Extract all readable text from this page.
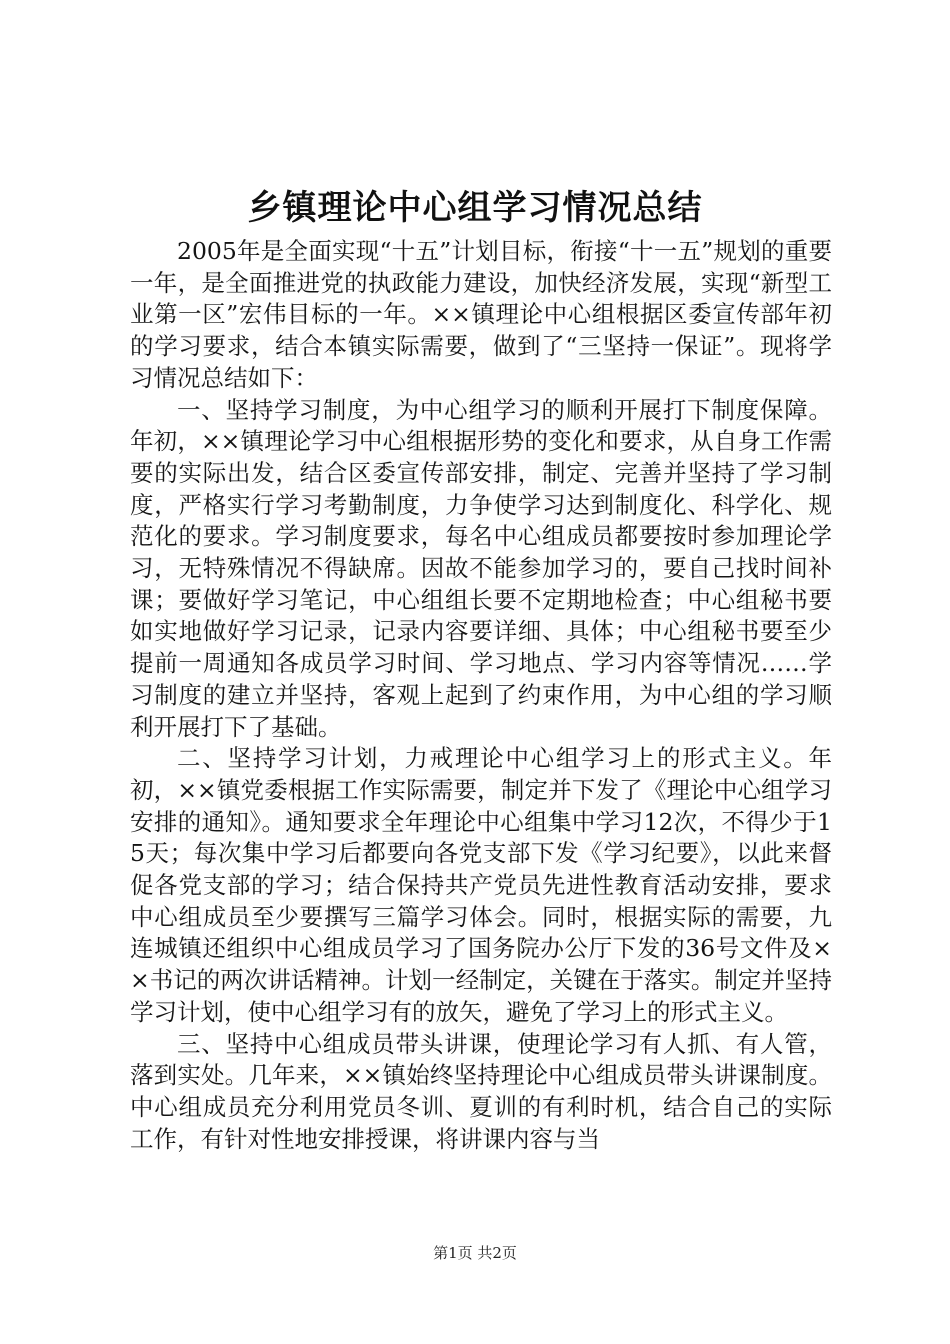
乡镇理论中心组学习情况总结

2005年是全面实现“十五”计划目标，衔接“十一五”规划的重要一年，是全面推进党的执政能力建设，加快经济发展，实现“新型工业第一区”宏伟目标的一年。××镇理论中心组根据区委宣传部年初的学习要求，结合本镇实际需要，做到了“三坚持一保证”。现将学习情况总结如下：

一、坚持学习制度，为中心组学习的顺利开展打下制度保障。年初，××镇理论学习中心组根据形势的变化和要求，从自身工作需要的实际出发，结合区委宣传部安排，制定、完善并坚持了学习制度，严格实行学习考勤制度，力争使学习达到制度化、科学化、规范化的要求。学习制度要求，每名中心组成员都要按时参加理论学习，无特殊情况不得缺席。因故不能参加学习的，要自己找时间补课；要做好学习笔记，中心组组长要不定期地检查；中心组秘书要如实地做好学习记录，记录内容要详细、具体；中心组秘书要至少提前一周通知各成员学习时间、学习地点、学习内容等情况……学习制度的建立并坚持，客观上起到了约束作用，为中心组的学习顺利开展打下了基础。

二、坚持学习计划，力戒理论中心组学习上的形式主义。年初，××镇党委根据工作实际需要，制定并下发了《理论中心组学习安排的通知》。通知要求全年理论中心组集中学习12次，不得少于15天；每次集中学习后都要向各党支部下发《学习纪要》，以此来督促各党支部的学习；结合保持共产党员先进性教育活动安排，要求中心组成员至少要撰写三篇学习体会。同时，根据实际的需要，九连城镇还组织中心组成员学习了国务院办公厅下发的36号文件及××书记的两次讲话精神。计划一经制定，关键在于落实。制定并坚持学习计划，使中心组学习有的放矢，避免了学习上的形式主义。

三、坚持中心组成员带头讲课，使理论学习有人抓、有人管，落到实处。几年来，××镇始终坚持理论中心组成员带头讲课制度。中心组成员充分利用党员冬训、夏训的有利时机，结合自己的实际工作，有针对性地安排授课，将讲课内容与当

第1页 共2页
